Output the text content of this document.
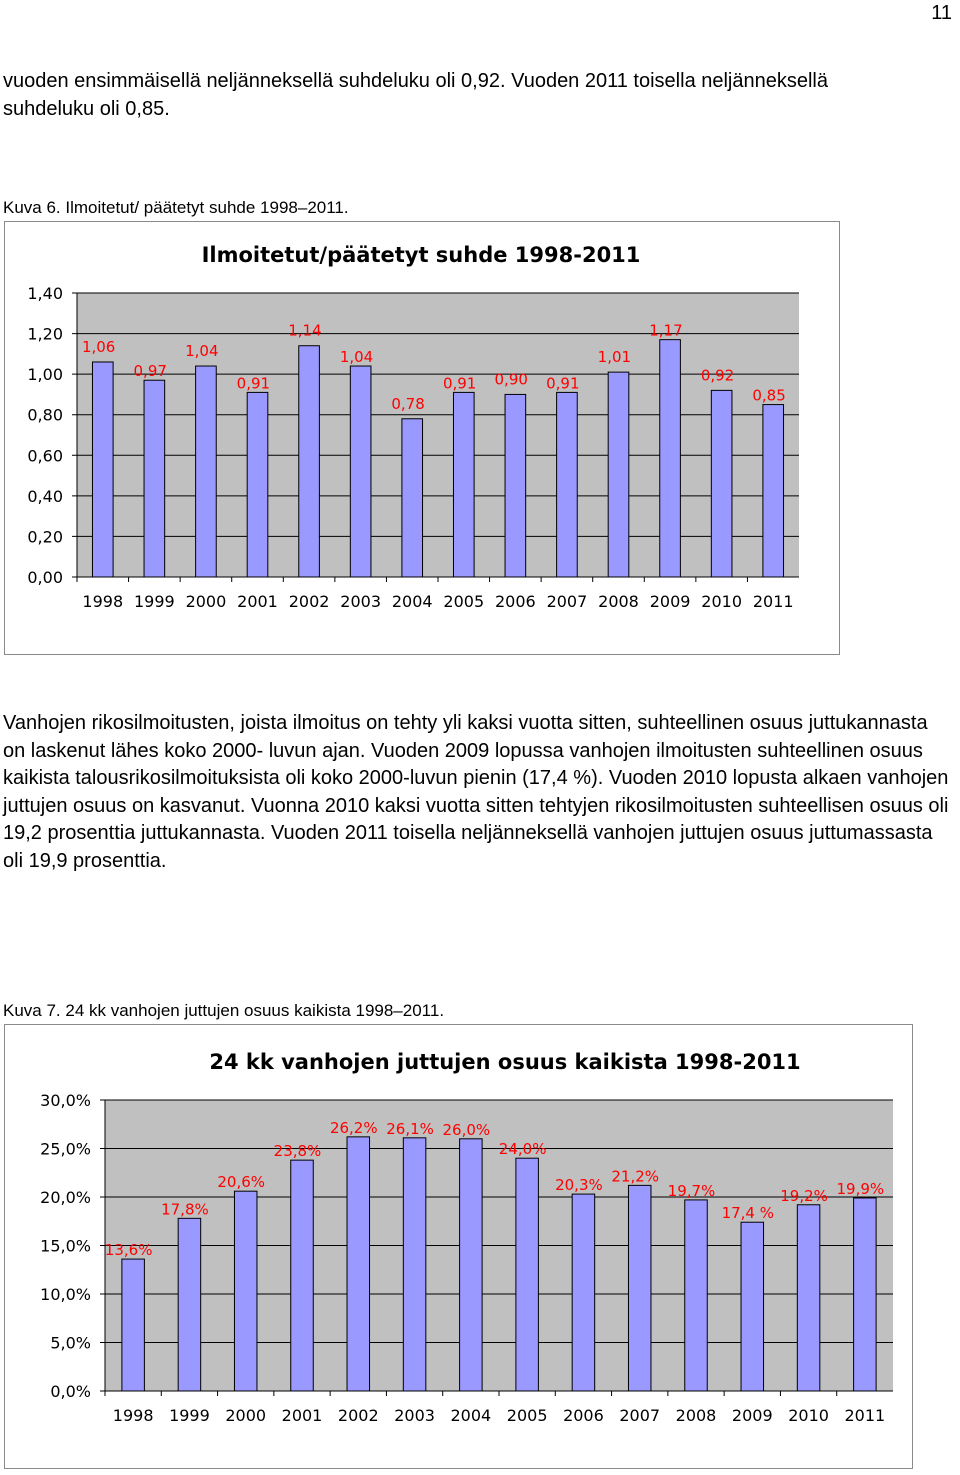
11

vuoden ensimmäisellä neljänneksellä suhdeluku oli 0,92. Vuoden 2011 toisella neljänneksellä suhdeluku oli 0,85.

Kuva 6. Ilmoitetut/ päätetyt suhde 1998–2011.

Ilmoitetut/päätetyt suhde 1998-2011
0,00
0,20
0,40
0,60
0,80
1,00
1,20
1,40
1,06
1998
0,97
1999
1,04
2000
0,91
2001
1,14
2002
1,04
2003
0,78
2004
0,91
2005
0,90
2006
0,91
2007
1,01
2008
1,17
2009
0,92
2010
0,85
2011

Vanhojen rikosilmoitusten, joista ilmoitus on tehty yli kaksi vuotta sitten, suhteellinen osuus juttukannasta on laskenut lähes koko 2000- luvun ajan. Vuoden 2009 lopussa vanhojen ilmoitusten suhteellinen osuus kaikista talousrikosilmoituksista oli koko 2000-luvun pienin (17,4 %). Vuoden 2010 lopusta alkaen vanhojen juttujen osuus on kasvanut. Vuonna 2010 kaksi vuotta sitten tehtyjen rikosilmoitusten suhteellisen osuus oli 19,2 prosenttia juttukannasta. Vuoden 2011 toisella neljänneksellä vanhojen juttujen osuus juttumassasta oli 19,9 prosenttia.

Kuva 7. 24 kk vanhojen juttujen osuus kaikista 1998–2011.

24 kk vanhojen juttujen osuus kaikista 1998-2011
0,0%
5,0%
10,0%
15,0%
20,0%
25,0%
30,0%
13,6%
1998
17,8%
1999
20,6%
2000
23,8%
2001
26,2%
2002
26,1%
2003
26,0%
2004
24,0%
2005
20,3%
2006
21,2%
2007
19,7%
2008
17,4 %
2009
19,2%
2010
19,9%
2011
